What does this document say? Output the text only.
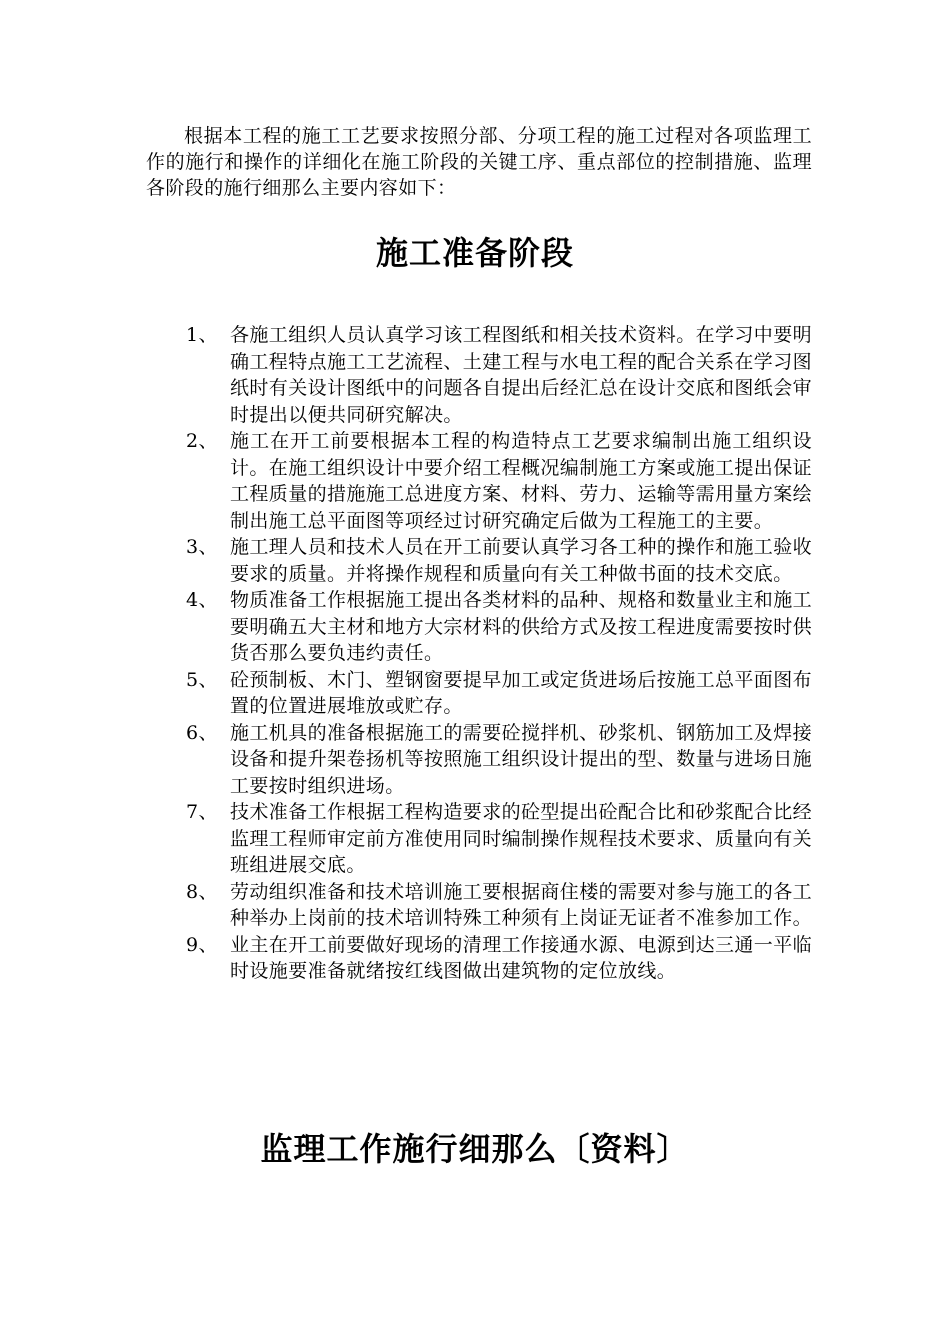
根据本工程的施工工艺要求按照分部、分项工程的施工过程对各项监理工作的施行和操作的详细化在施工阶段的关键工序、重点部位的控制措施、监理各阶段的施行细那么主要内容如下：

施工准备阶段
1、 各施工组织人员认真学习该工程图纸和相关技术资料。在学习中要明确工程特点施工工艺流程、土建工程与水电工程的配合关系在学习图纸时有关设计图纸中的问题各自提出后经汇总在设计交底和图纸会审时提出以便共同研究解决。
2、 施工在开工前要根据本工程的构造特点工艺要求编制出施工组织设计。在施工组织设计中要介绍工程概况编制施工方案或施工提出保证工程质量的措施施工总进度方案、材料、劳力、运输等需用量方案绘制出施工总平面图等项经过讨研究确定后做为工程施工的主要。
3、 施工理人员和技术人员在开工前要认真学习各工种的操作和施工验收要求的质量。并将操作规程和质量向有关工种做书面的技术交底。
4、 物质准备工作根据施工提出各类材料的品种、规格和数量业主和施工要明确五大主材和地方大宗材料的供给方式及按工程进度需要按时供货否那么要负违约责任。
5、 砼预制板、木门、塑钢窗要提早加工或定货进场后按施工总平面图布置的位置进展堆放或贮存。
6、 施工机具的准备根据施工的需要砼搅拌机、砂浆机、钢筋加工及焊接设备和提升架卷扬机等按照施工组织设计提出的型、数量与进场日施工要按时组织进场。
7、 技术准备工作根据工程构造要求的砼型提出砼配合比和砂浆配合比经监理工程师审定前方准使用同时编制操作规程技术要求、质量向有关班组进展交底。
8、 劳动组织准备和技术培训施工要根据商住楼的需要对参与施工的各工种举办上岗前的技术培训特殊工种须有上岗证无证者不准参加工作。
9、 业主在开工前要做好现场的清理工作接通水源、电源到达三通一平临时设施要准备就绪按红线图做出建筑物的定位放线。
监理工作施行细那么〔资料〕
